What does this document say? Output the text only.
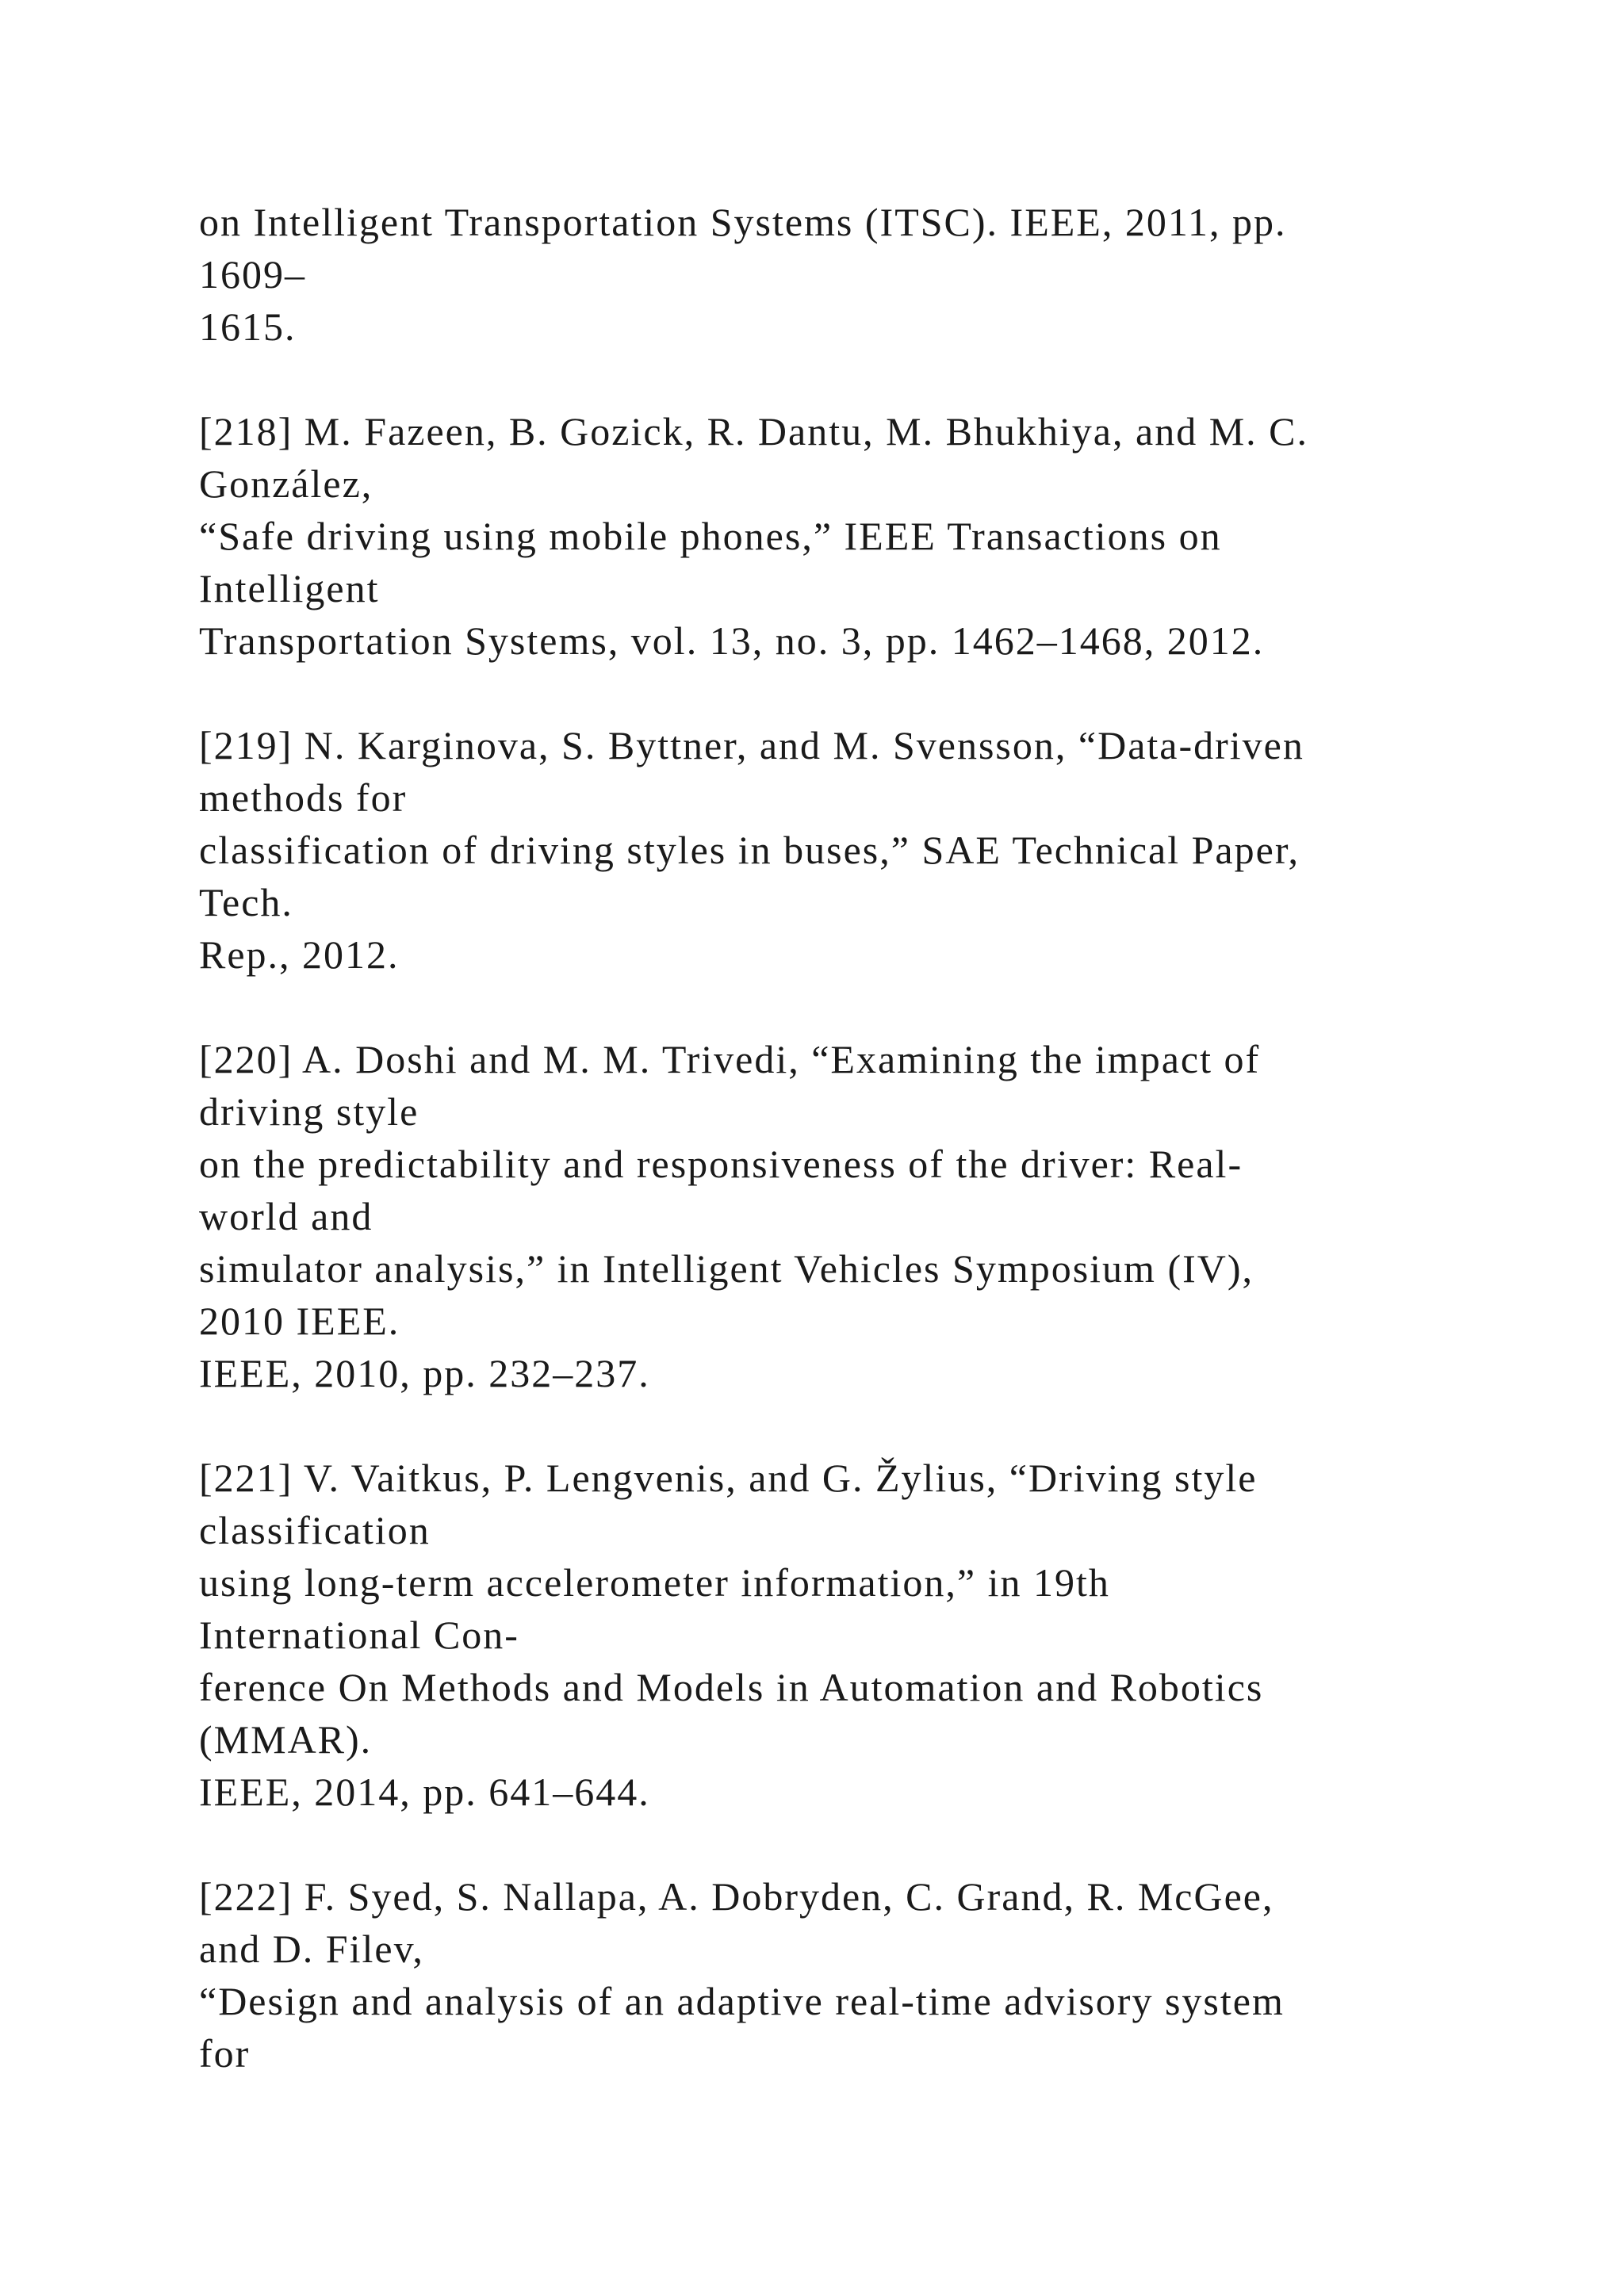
on Intelligent Transportation Systems (ITSC). IEEE, 2011, pp.
1609–
1615.
[218] M. Fazeen, B. Gozick, R. Dantu, M. Bhukhiya, and M. C.
González,
“Safe driving using mobile phones,” IEEE Transactions on
Intelligent
Transportation Systems, vol. 13, no. 3, pp. 1462–1468, 2012.
[219] N. Karginova, S. Byttner, and M. Svensson, “Data-driven
methods for
classification of driving styles in buses,” SAE Technical Paper,
Tech.
Rep., 2012.
[220] A. Doshi and M. M. Trivedi, “Examining the impact of
driving style
on the predictability and responsiveness of the driver: Real-
world and
simulator analysis,” in Intelligent Vehicles Symposium (IV),
2010 IEEE.
IEEE, 2010, pp. 232–237.
[221] V. Vaitkus, P. Lengvenis, and G. Žylius, “Driving style
classification
using long-term accelerometer information,” in 19th
International Con-
ference On Methods and Models in Automation and Robotics
(MMAR).
IEEE, 2014, pp. 641–644.
[222] F. Syed, S. Nallapa, A. Dobryden, C. Grand, R. McGee,
and D. Filev,
“Design and analysis of an adaptive real-time advisory system
for
